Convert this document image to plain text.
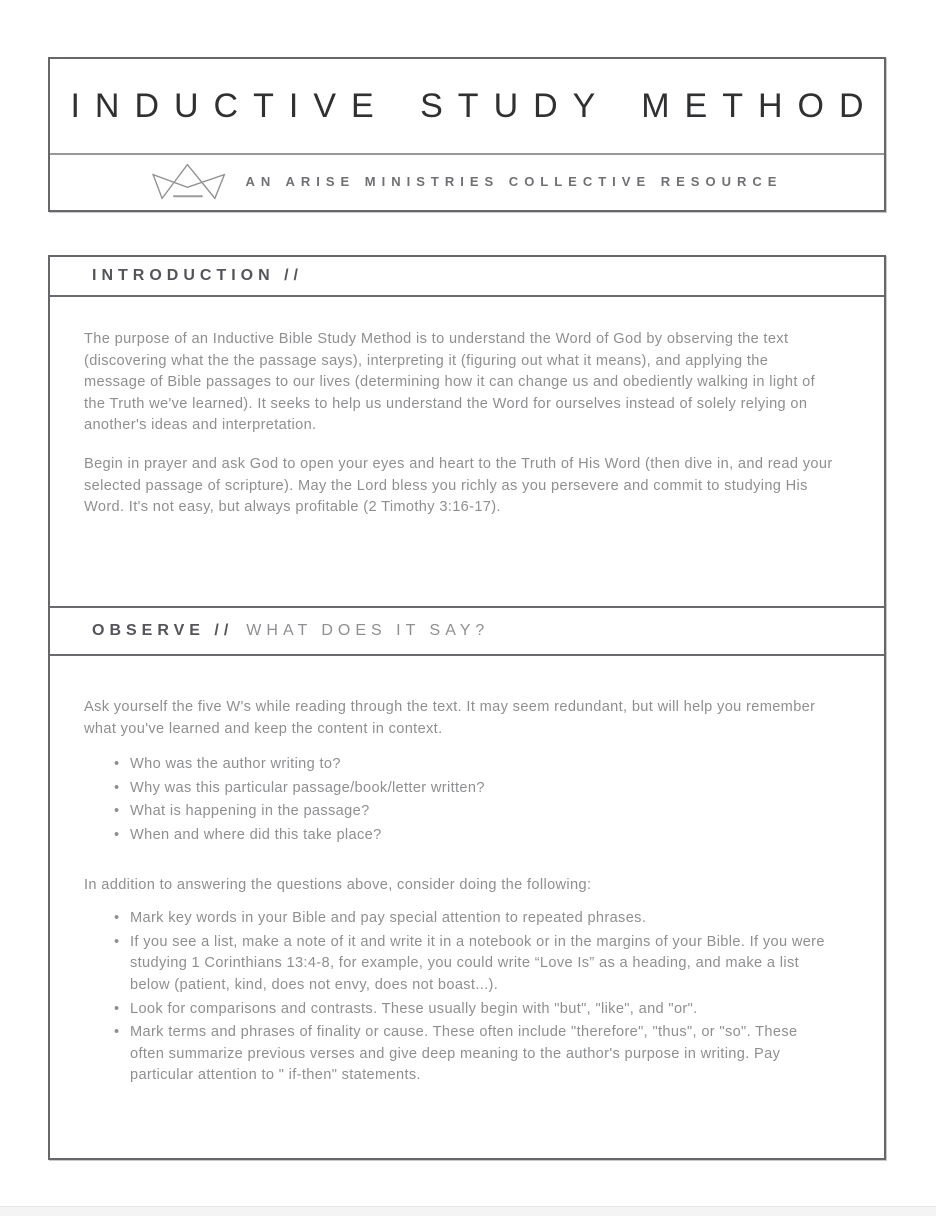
INDUCTIVE STUDY METHOD
AN ARISE MINISTRIES COLLECTIVE RESOURCE
INTRODUCTION //

The purpose of an Inductive Bible Study Method is to understand the Word of God by observing the text (discovering what the the passage says), interpreting it (figuring out what it means), and applying the message of Bible passages to our lives (determining how it can change us and obediently walking in light of the Truth we've learned). It seeks to help us understand the Word for ourselves instead of solely relying on another's ideas and interpretation.

Begin in prayer and ask God to open your eyes and heart to the Truth of His Word (then dive in, and read your selected passage of scripture). May the Lord bless you richly as you persevere and commit to studying His Word. It's not easy, but always profitable (2 Timothy 3:16-17).

OBSERVE // WHAT DOES IT SAY?

Ask yourself the five W's while reading through the text. It may seem redundant, but will help you remember what you've learned and keep the content in context.

• Who was the author writing to?
• Why was this particular passage/book/letter written?
• What is happening in the passage?
• When and where did this take place?

In addition to answering the questions above, consider doing the following:

• Mark key words in your Bible and pay special attention to repeated phrases.
• If you see a list, make a note of it and write it in a notebook or in the margins of your Bible. If you were studying 1 Corinthians 13:4-8, for example, you could write “Love Is” as a heading, and make a list below (patient, kind, does not envy, does not boast...).
• Look for comparisons and contrasts. These usually begin with "but", "like", and "or".
• Mark terms and phrases of finality or cause. These often include "therefore", "thus", or "so". These often summarize previous verses and give deep meaning to the author's purpose in writing. Pay particular attention to " if-then" statements.
